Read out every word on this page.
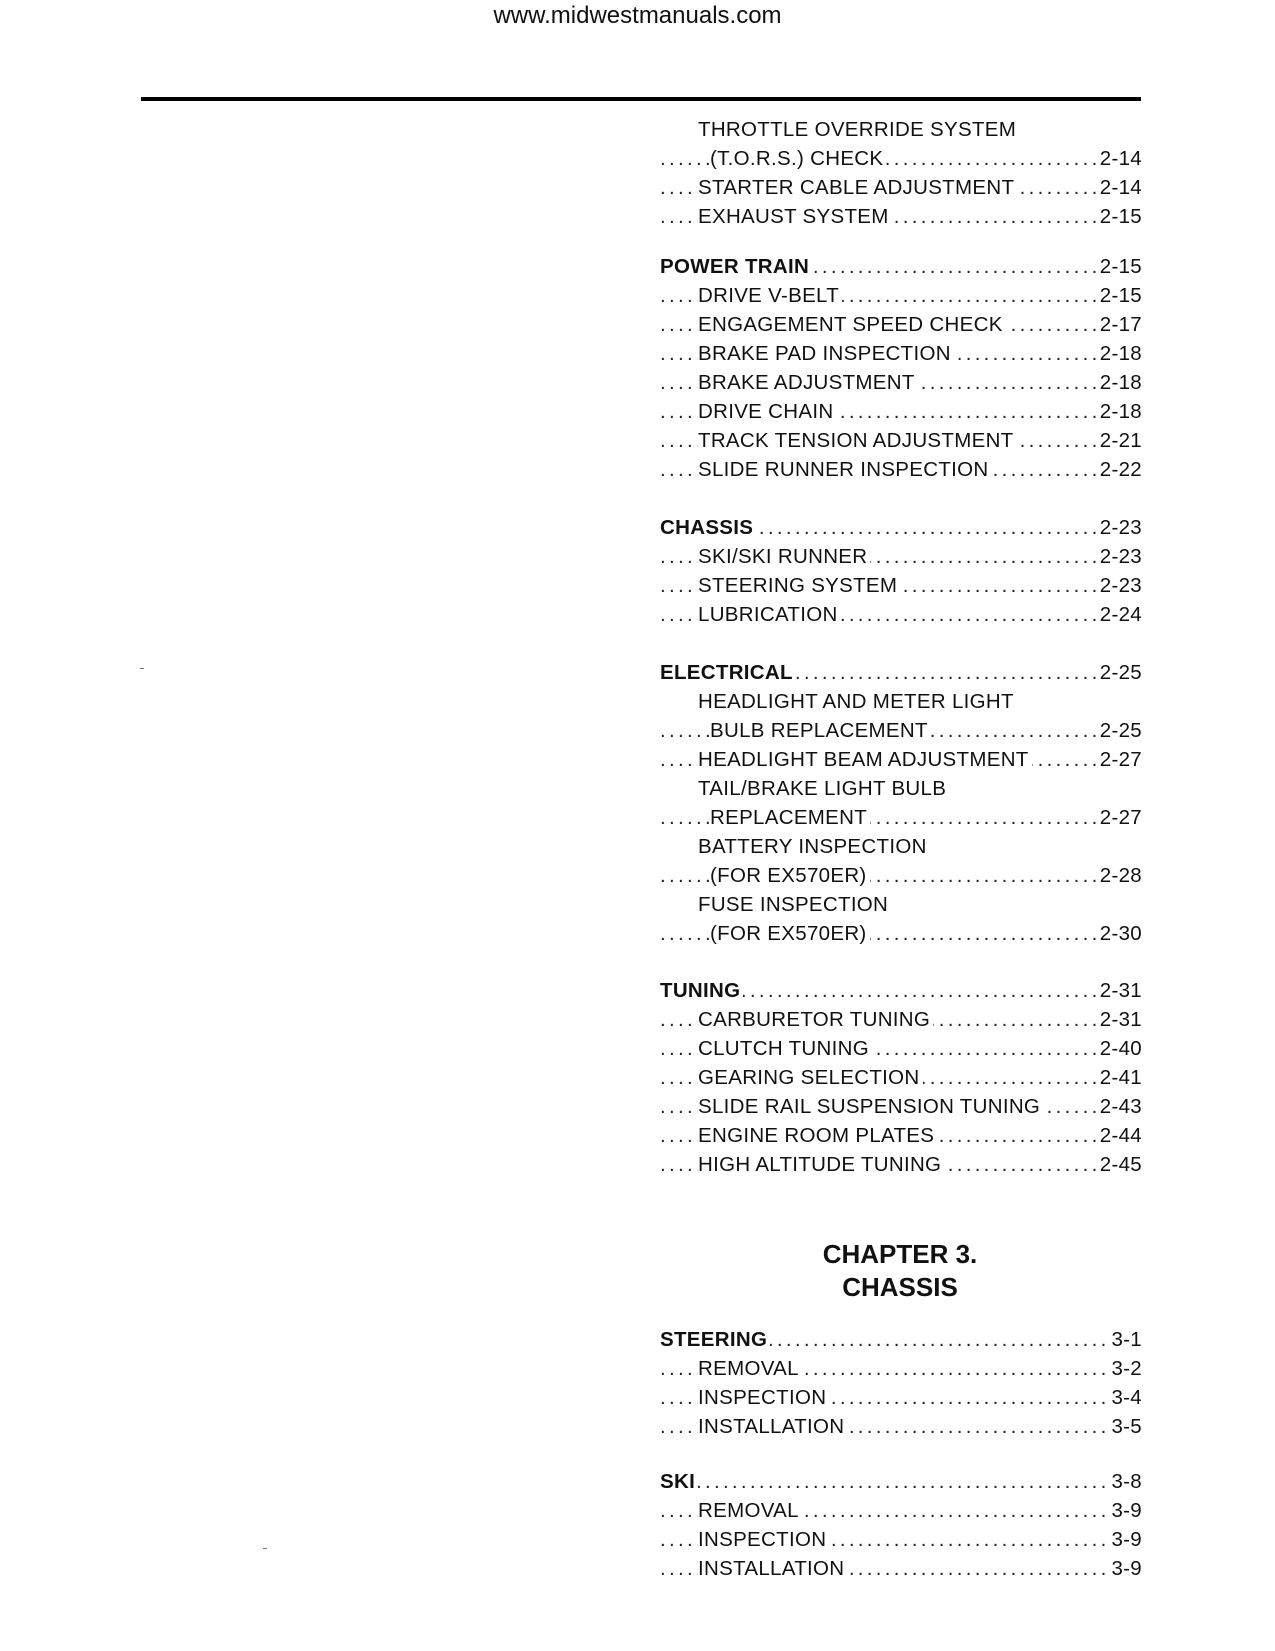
www.midwestmanuals.com
THROTTLE OVERRIDE SYSTEM
. . . (T.O.R.S.) CHECK	2-14
. . . STARTER CABLE ADJUSTMENT	2-14
. . . EXHAUST SYSTEM	2-15
. . . POWER TRAIN	2-15
. . . DRIVE V-BELT	2-15
. . . ENGAGEMENT SPEED CHECK	2-17
. . . BRAKE PAD INSPECTION	2-18
. . . BRAKE ADJUSTMENT	2-18
. . . DRIVE CHAIN	2-18
. . . TRACK TENSION ADJUSTMENT	2-21
. . . SLIDE RUNNER INSPECTION	2-22
. . . CHASSIS	2-23
. . . SKI/SKI RUNNER	2-23
. . . STEERING SYSTEM	2-23
. . . LUBRICATION	2-24
. . . ELECTRICAL	2-25
HEADLIGHT AND METER LIGHT
. . . BULB REPLACEMENT	2-25
. . . HEADLIGHT BEAM ADJUSTMENT	2-27
TAIL/BRAKE LIGHT BULB
. . . REPLACEMENT	2-27
BATTERY INSPECTION
. . . (FOR EX570ER)	2-28
FUSE INSPECTION
. . . (FOR EX570ER)	2-30
. . . TUNING	2-31
. . . CARBURETOR TUNING	2-31
. . . CLUTCH TUNING	2-40
. . . GEARING SELECTION	2-41
. . . SLIDE RAIL SUSPENSION TUNING	2-43
. . . ENGINE ROOM PLATES	2-44
. . . HIGH ALTITUDE TUNING	2-45
. . . STEERING	3-1
. . . REMOVAL	3-2
. . . INSPECTION	3-4
. . . INSTALLATION	3-5
. . . SKI	3-8
. . . REMOVAL	3-9
. . . INSPECTION	3-9
. . . INSTALLATION	3-9
CHAPTER 3.
CHASSIS
